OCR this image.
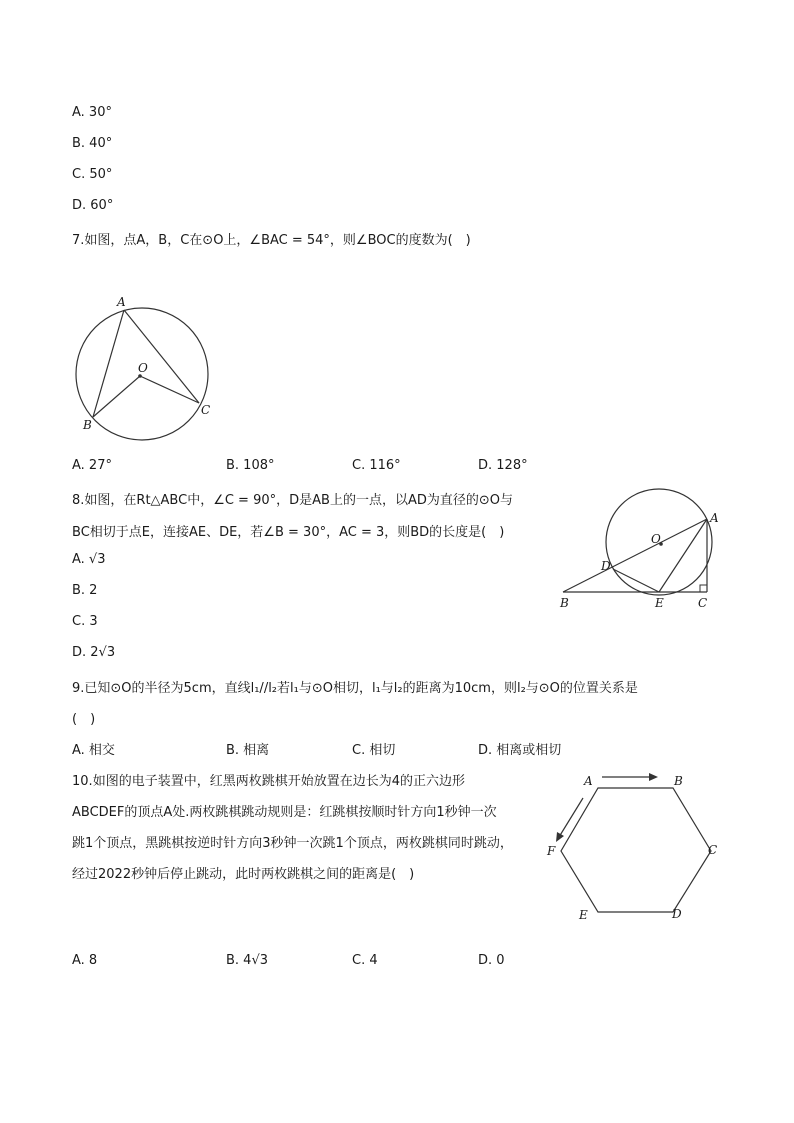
A. 30°
B. 40°
C. 50°
D. 60°
7.如图，点A，B，C在⊙O上，∠BAC = 54°，则∠BOC的度数为(　)
A
O
B
C
A. 27°	B. 108°	C. 116°	D. 128°
8.如图，在Rt△ABC中，∠C = 90°，D是AB上的一点，以AD为直径的⊙O与
BC相切于点E，连接AE、DE，若∠B = 30°，AC = 3，则BD的长度是(　)
A
O
D
B	E	C
A. √3
B. 2
C. 3
D. 2√3
9.已知⊙O的半径为5cm，直线l₁//l₂若l₁与⊙O相切，l₁与l₂的距离为10cm，则l₂与⊙O的位置关系是
(　)
A. 相交	B. 相离	C. 相切	D. 相离或相切
10.如图的电子装置中，红黑两枚跳棋开始放置在边长为4的正六边形
ABCDEF的顶点A处.两枚跳棋跳动规则是：红跳棋按顺时针方向1秒钟一次
跳1个顶点，黑跳棋按逆时针方向3秒钟一次跳1个顶点，两枚跳棋同时跳动，
经过2022秒钟后停止跳动，此时两枚跳棋之间的距离是(　)
A	B
C
D
E
F
A. 8	B. 4√3	C. 4	D. 0
